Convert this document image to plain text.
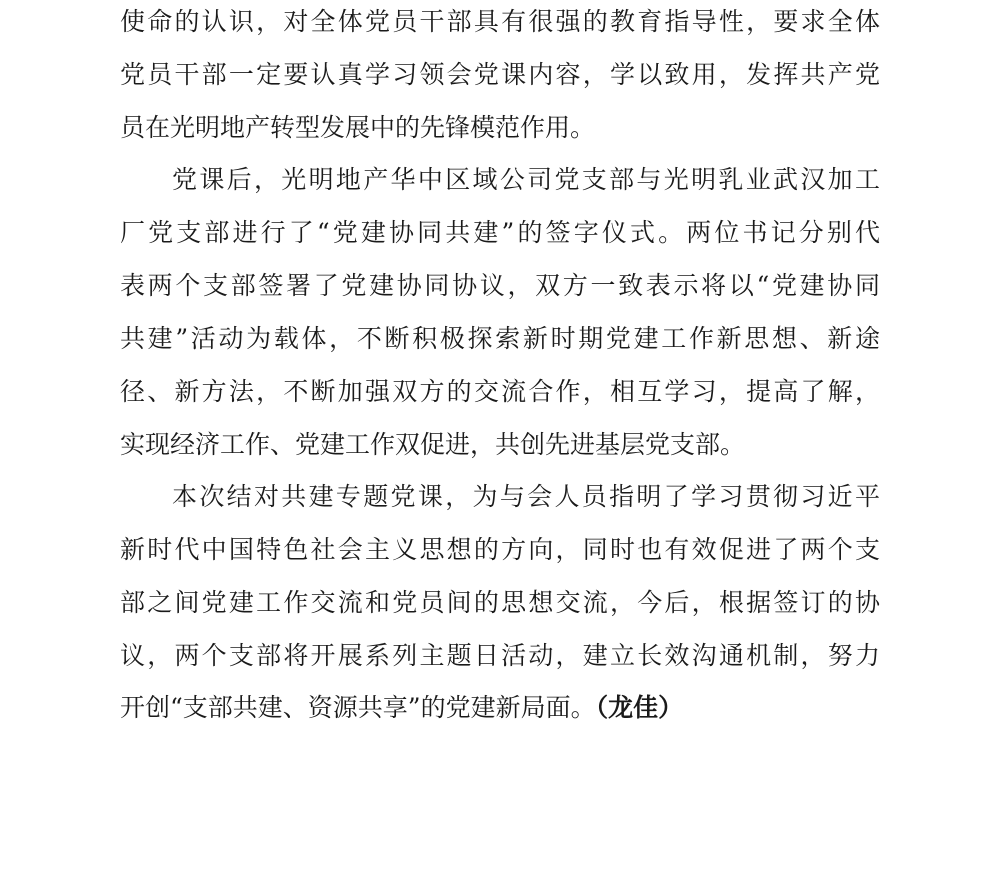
使命的认识，对全体党员干部具有很强的教育指导性，要求全体
党员干部一定要认真学习领会党课内容，学以致用，发挥共产党
员在光明地产转型发展中的先锋模范作用。
党课后，光明地产华中区域公司党支部与光明乳业武汉加工
厂党支部进行了“党建协同共建”的签字仪式。两位书记分别代
表两个支部签署了党建协同协议，双方一致表示将以“党建协同
共建”活动为载体，不断积极探索新时期党建工作新思想、新途
径、新方法，不断加强双方的交流合作，相互学习，提高了解，
实现经济工作、党建工作双促进，共创先进基层党支部。
本次结对共建专题党课，为与会人员指明了学习贯彻习近平
新时代中国特色社会主义思想的方向，同时也有效促进了两个支
部之间党建工作交流和党员间的思想交流，今后，根据签订的协
议，两个支部将开展系列主题日活动，建立长效沟通机制，努力
开创“支部共建、资源共享”的党建新局面。（龙佳）
